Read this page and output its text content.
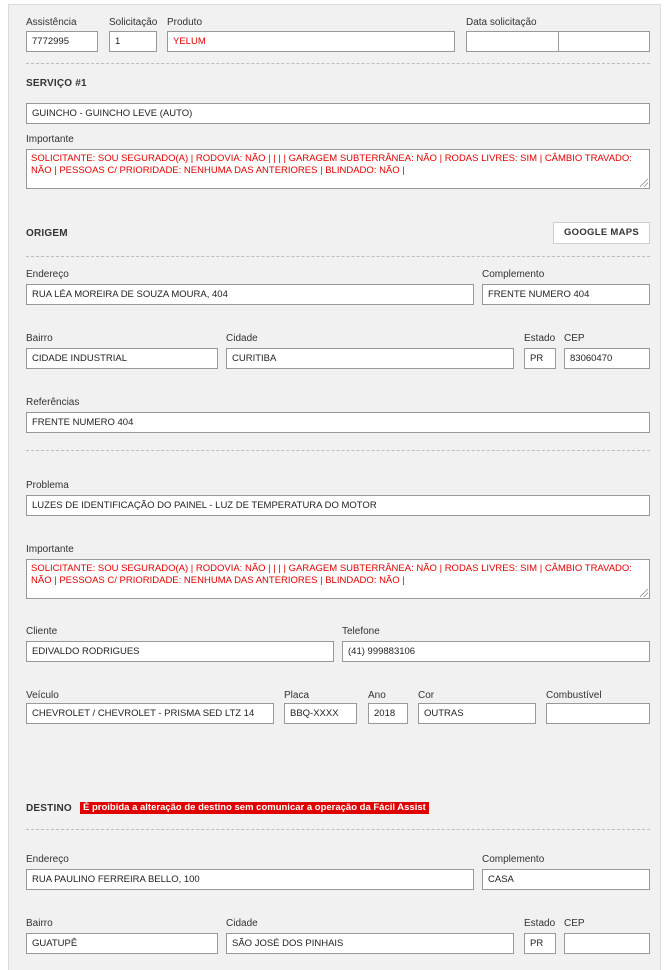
Assistência	Solicitação Produto	Data solicitação
7772995	1	YELUM
SERVIÇO #1
GUINCHO - GUINCHO LEVE (AUTO)
Importante
SOLICITANTE: SOU SEGURADO(A) | RODOVIA: NÃO | | | | GARAGEM SUBTERRÂNEA: NÃO | RODAS LIVRES: SIM | CÂMBIO TRAVADO: NÃO | PESSOAS C/ PRIORIDADE: NENHUMA DAS ANTERIORES | BLINDADO: NÃO |
ORIGEM	GOOGLE MAPS
Endereço	Complemento
RUA LÉA MOREIRA DE SOUZA MOURA, 404	FRENTE NUMERO 404
Bairro	Cidade	Estado CEP
CIDADE INDUSTRIAL	CURITIBA	PR	83060470
Referências
FRENTE NUMERO 404
Problema
LUZES DE IDENTIFICAÇÃO DO PAINEL - LUZ DE TEMPERATURA DO MOTOR
Importante
SOLICITANTE: SOU SEGURADO(A) | RODOVIA: NÃO | | | | GARAGEM SUBTERRÂNEA: NÃO | RODAS LIVRES: SIM | CÂMBIO TRAVADO: NÃO | PESSOAS C/ PRIORIDADE: NENHUMA DAS ANTERIORES | BLINDADO: NÃO |
Cliente	Telefone
EDIVALDO RODRIGUES	(41) 999883106
Veículo	Placa	Ano	Cor	Combustível
CHEVROLET / CHEVROLET - PRISMA SED LTZ 14	BBQ-XXXX	2018	OUTRAS
DESTINO	É proibida a alteração de destino sem comunicar a operação da Fácil Assist
Endereço	Complemento
RUA PAULINO FERREIRA BELLO, 100	CASA
Bairro	Cidade	Estado CEP
GUATUPÊ	SÃO JOSÉ DOS PINHAIS	PR
